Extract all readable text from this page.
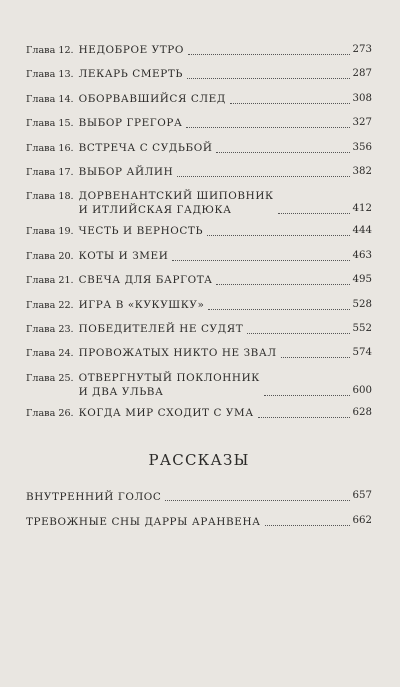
Глава 12. НЕДОБРОЕ УТРО	273
Глава 13. ЛЕКАРЬ СМЕРТЬ	287
Глава 14. ОБОРВАВШИЙСЯ СЛЕД	308
Глава 15. ВЫБОР ГРЕГОРА	327
Глава 16. ВСТРЕЧА С СУДЬБОЙ	356
Глава 17. ВЫБОР АЙЛИН	382
Глава 18. ДОРВЕНАНТСКИЙ ШИПОВНИК
И ИТЛИЙСКАЯ ГАДЮКА	412
Глава 19. ЧЕСТЬ И ВЕРНОСТЬ	444
Глава 20. КОТЫ И ЗМЕИ	463
Глава 21. СВЕЧА ДЛЯ БАРГОТA	495
Глава 22. ИГРА В «КУКУШКУ»	528
Глава 23. ПОБЕДИТЕЛЕЙ НЕ СУДЯТ	552
Глава 24. ПРОВОЖАТЫХ НИКТО НЕ ЗВАЛ	574
Глава 25. ОТВЕРГНУТЫЙ ПОКЛОННИК
И ДВА УЛЬВА	600
Глава 26. КОГДА МИР СХОДИТ С УМА	628
РАССКАЗЫ
ВНУТРЕННИЙ ГОЛОС	657
ТРЕВОЖНЫЕ СНЫ ДАРРЫ АРАНВЕНА	662
